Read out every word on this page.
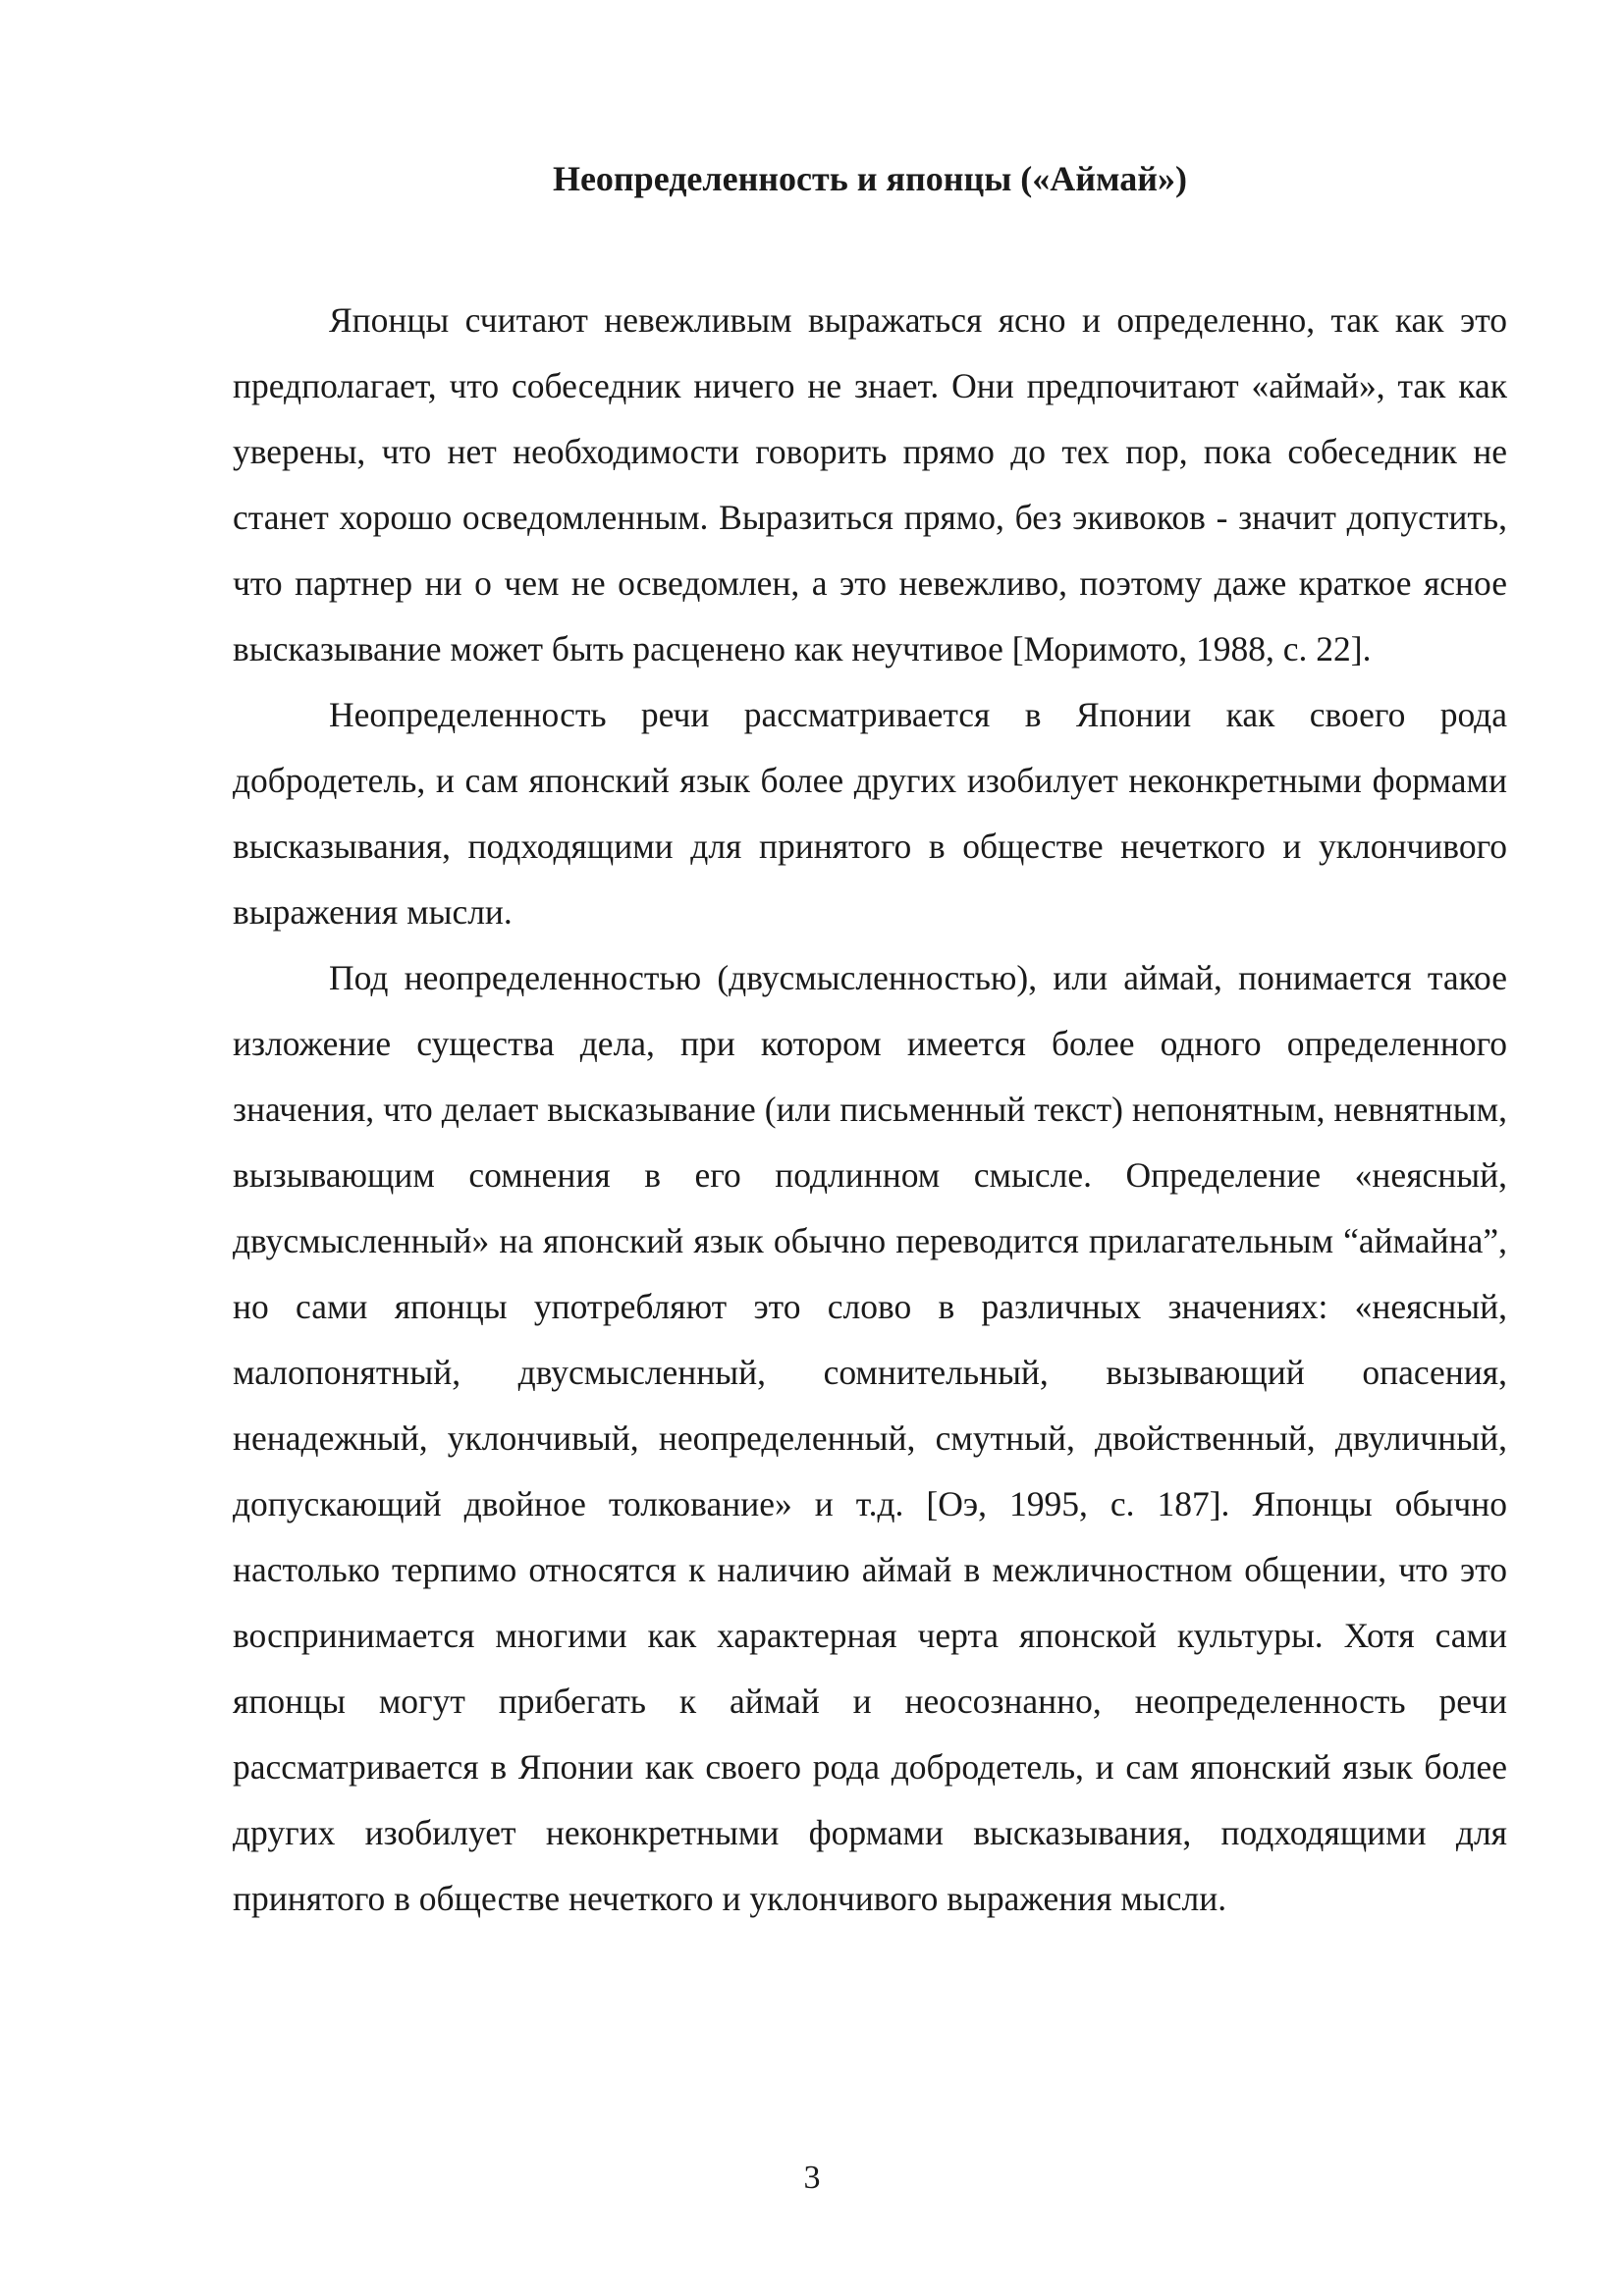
Неопределенность и японцы («Аймай»)

Японцы считают невежливым выражаться ясно и определенно, так как это предполагает, что собеседник ничего не знает. Они предпочитают «аймай», так как уверены, что нет необходимости говорить прямо до тех пор, пока собеседник не станет хорошо осведомленным. Выразиться прямо, без экивоков - значит допустить, что партнер ни о чем не осведомлен, а это невежливо, поэтому даже краткое ясное высказывание может быть расценено как неучтивое [Моримото, 1988, с. 22].

Неопределенность речи рассматривается в Японии как своего рода добродетель, и сам японский язык более других изобилует неконкретными формами высказывания, подходящими для принятого в обществе нечеткого и уклончивого выражения мысли.

Под неопределенностью (двусмысленностью), или аймай, понимается такое изложение существа дела, при котором имеется более одного определенного значения, что делает высказывание (или письменный текст) непонятным, невнятным, вызывающим сомнения в его подлинном смысле. Определение «неясный, двусмысленный» на японский язык обычно переводится прилагательным “аймайна”, но сами японцы употребляют это слово в различных значениях: «неясный, малопонятный, двусмысленный, сомнительный, вызывающий опасения, ненадежный, уклончивый, неопределенный, смутный, двойственный, двуличный, допускающий двойное толкование» и т.д. [Оэ, 1995, с. 187]. Японцы обычно настолько терпимо относятся к наличию аймай в межличностном общении, что это воспринимается многими как характерная черта японской культуры. Хотя сами японцы могут прибегать к аймай и неосознанно, неопределенность речи рассматривается в Японии как своего рода добродетель, и сам японский язык более других изобилует неконкретными формами высказывания, подходящими для принятого в обществе нечеткого и уклончивого выражения мысли.

3
